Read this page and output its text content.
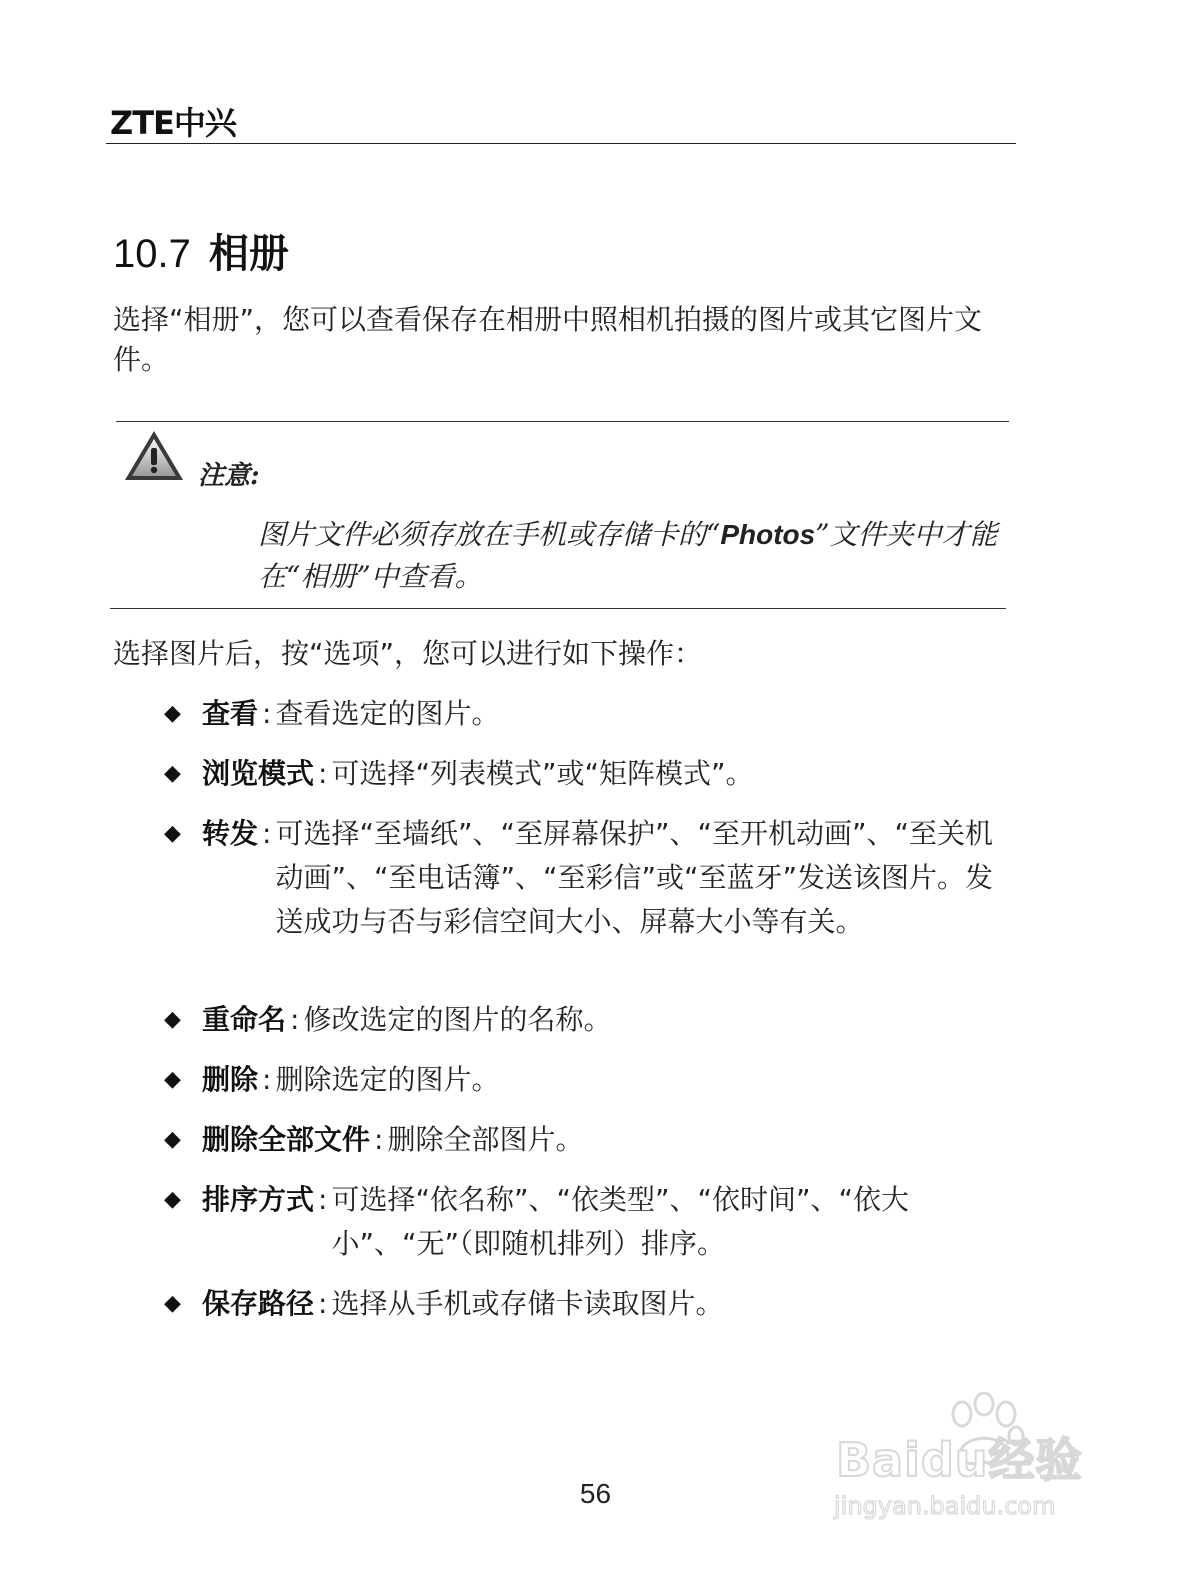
ZTE中兴
10.7 相册
选择“相册”，您可以查看保存在相册中照相机拍摄的图片或其它图片文件。
注意:
图片文件必须存放在手机或存储卡的“Photos”文件夹中才能在“相册”中查看。
选择图片后，按“选项”，您可以进行如下操作：
◆ 查看 : 查看选定的图片。
◆ 浏览模式 : 可选择“列表模式”或“矩阵模式”。
◆ 转发 : 可选择“至墙纸”、“至屏幕保护”、“至开机动画”、“至关机动画”、“至电话簿”、“至彩信”或“至蓝牙”发送该图片。发送成功与否与彩信空间大小、屏幕大小等有关。
◆ 重命名 : 修改选定的图片的名称。
◆ 删除 : 删除选定的图片。
◆ 删除全部文件 : 删除全部图片。
◆ 排序方式 : 可选择“依名称”、“依类型”、“依时间”、“依大小”、“无”（即随机排列）排序。
◆ 保存路径 : 选择从手机或存储卡读取图片。
56
Baidu经验
jingyan.baidu.com
